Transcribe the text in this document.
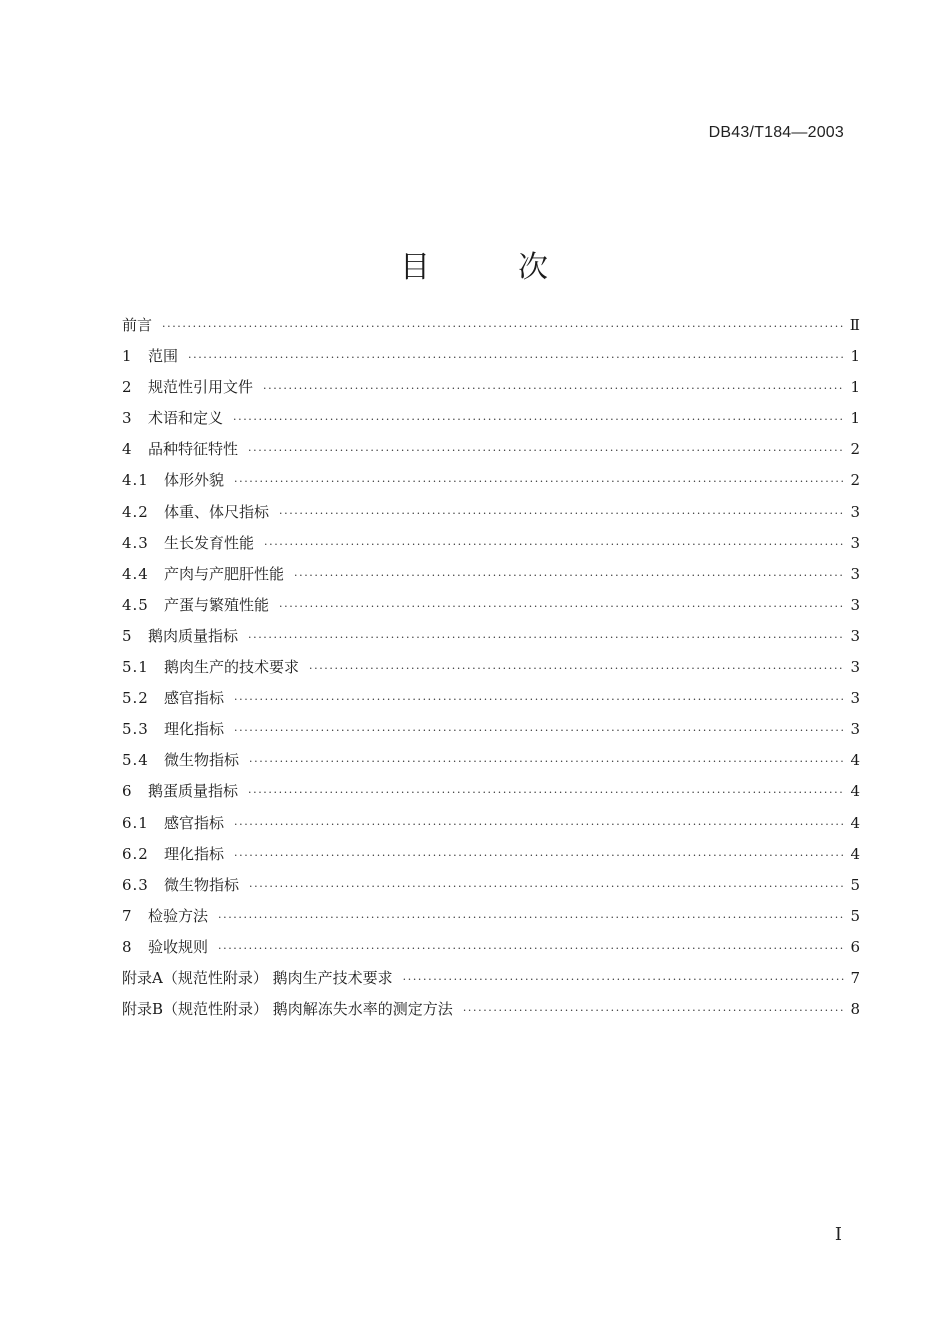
DB43/T184—2003
目	次
前言 ·····	Ⅱ
1 范围 ·····	1
2 规范性引用文件 ·····	1
3 术语和定义 ·····	1
4 品种特征特性 ·····	2
4.1 体形外貌 ·····	2
4.2 体重、体尺指标 ·····	3
4.3 生长发育性能 ·····	3
4.4 产肉与产肥肝性能 ·····	3
4.5 产蛋与繁殖性能 ·····	3
5 鹅肉质量指标 ·····	3
5.1 鹅肉生产的技术要求 ·····	3
5.2 感官指标 ·····	3
5.3 理化指标 ·····	3
5.4 微生物指标 ·····	4
6 鹅蛋质量指标 ·····	4
6.1 感官指标 ·····	4
6.2 理化指标 ·····	4
6.3 微生物指标 ·····	5
7 检验方法 ·····	5
8 验收规则 ·····	6
附录A（规范性附录） 鹅肉生产技术要求 ·····	7
附录B（规范性附录） 鹅肉解冻失水率的测定方法 ·····	8
Ⅰ
